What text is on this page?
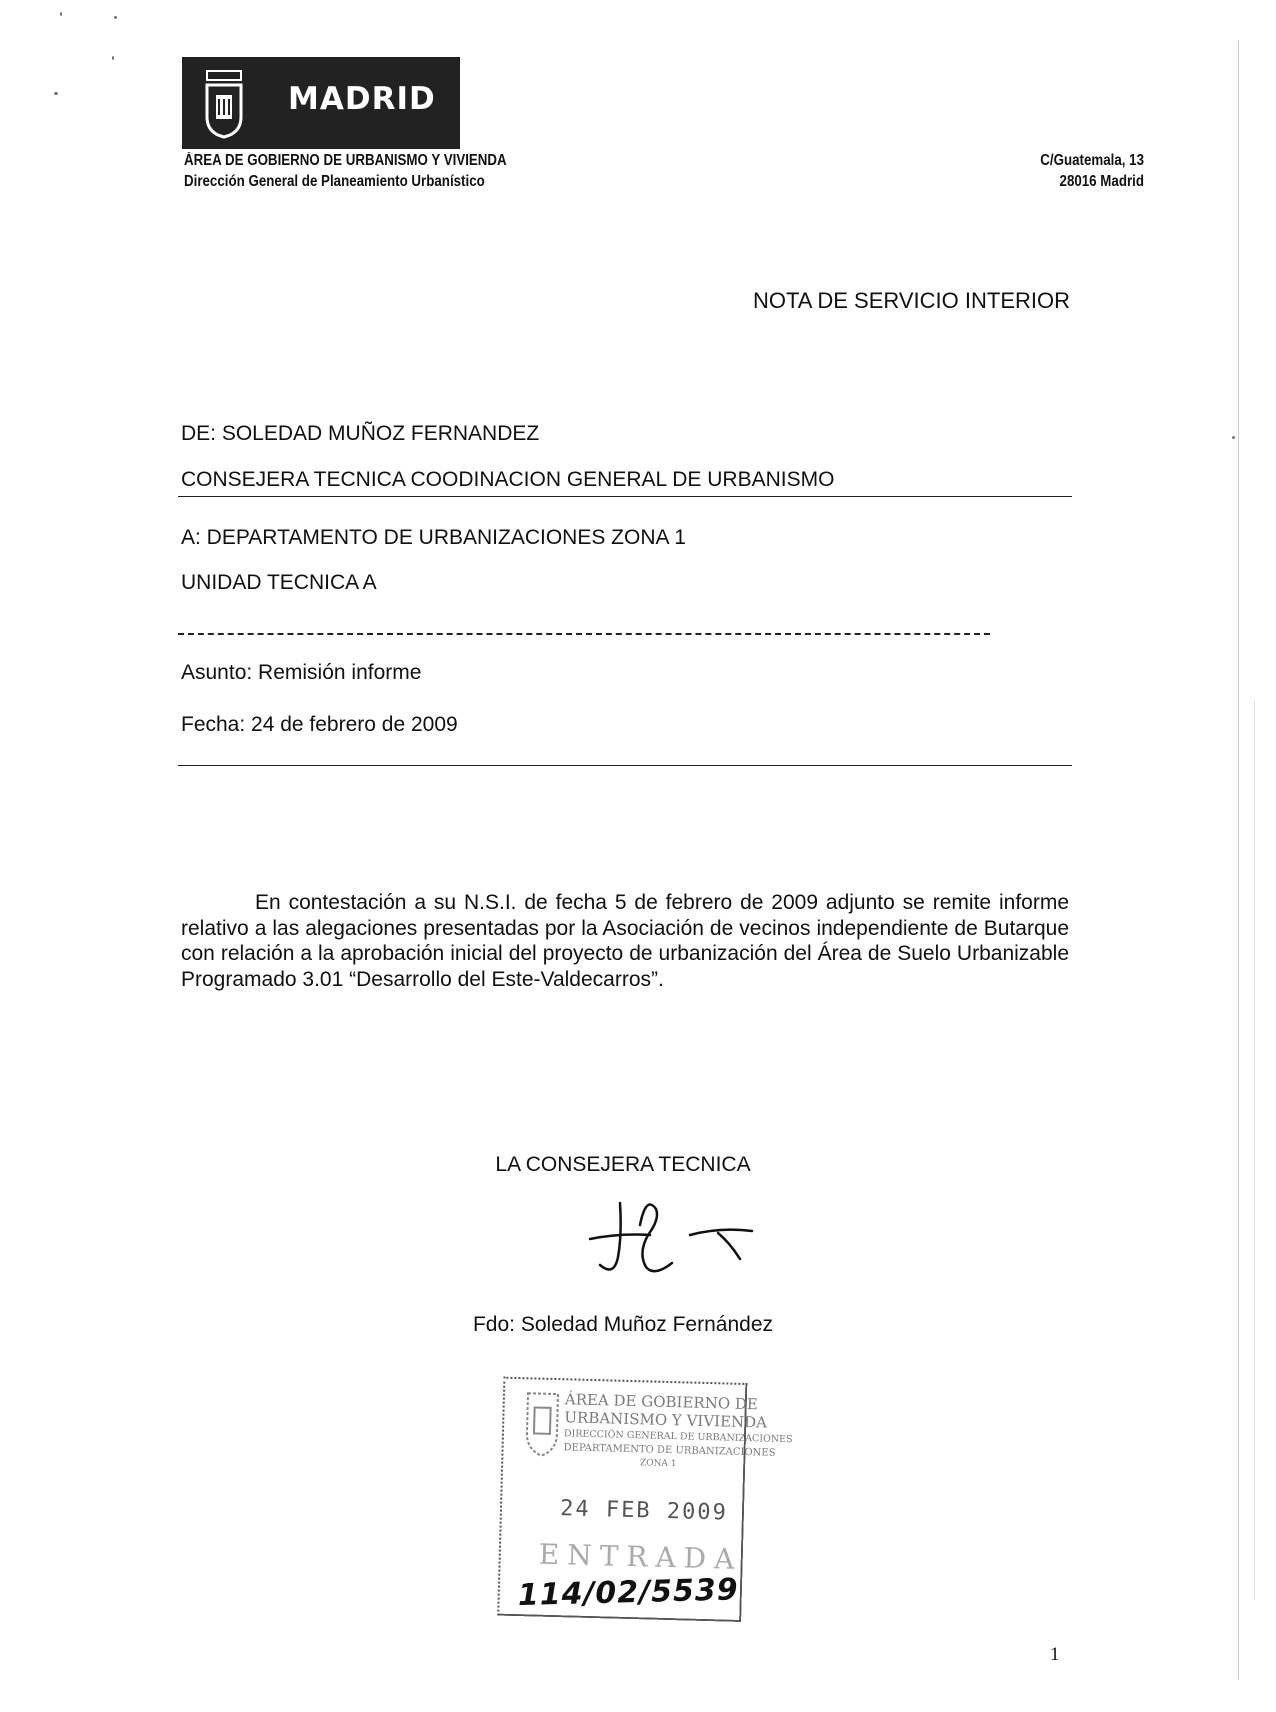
MADRID
ÁREA DE GOBIERNO DE URBANISMO Y VIVIENDA
Dirección General de Planeamiento Urbanístico
C/Guatemala, 13
28016 Madrid
NOTA DE SERVICIO INTERIOR
DE: SOLEDAD MUÑOZ FERNANDEZ
CONSEJERA TECNICA COODINACION GENERAL DE URBANISMO
A: DEPARTAMENTO DE URBANIZACIONES ZONA 1
UNIDAD TECNICA A
Asunto: Remisión informe
Fecha: 24 de febrero de 2009
En contestación a su N.S.I. de fecha 5 de febrero de 2009 adjunto se remite informe relativo a las alegaciones presentadas por la Asociación de vecinos independiente de Butarque con relación a la aprobación inicial del proyecto de urbanización del Área de Suelo Urbanizable Programado 3.01 “Desarrollo del Este-Valdecarros”.
LA CONSEJERA TECNICA
Fdo: Soledad Muñoz Fernández
ÁREA DE GOBIERNO DE
URBANISMO Y VIVIENDA
DIRECCIÓN GENERAL DE URBANIZACIONES
DEPARTAMENTO DE URBANIZACIONES
ZONA 1
24 FEB 2009
ENTRADA
114/02/5539
1
